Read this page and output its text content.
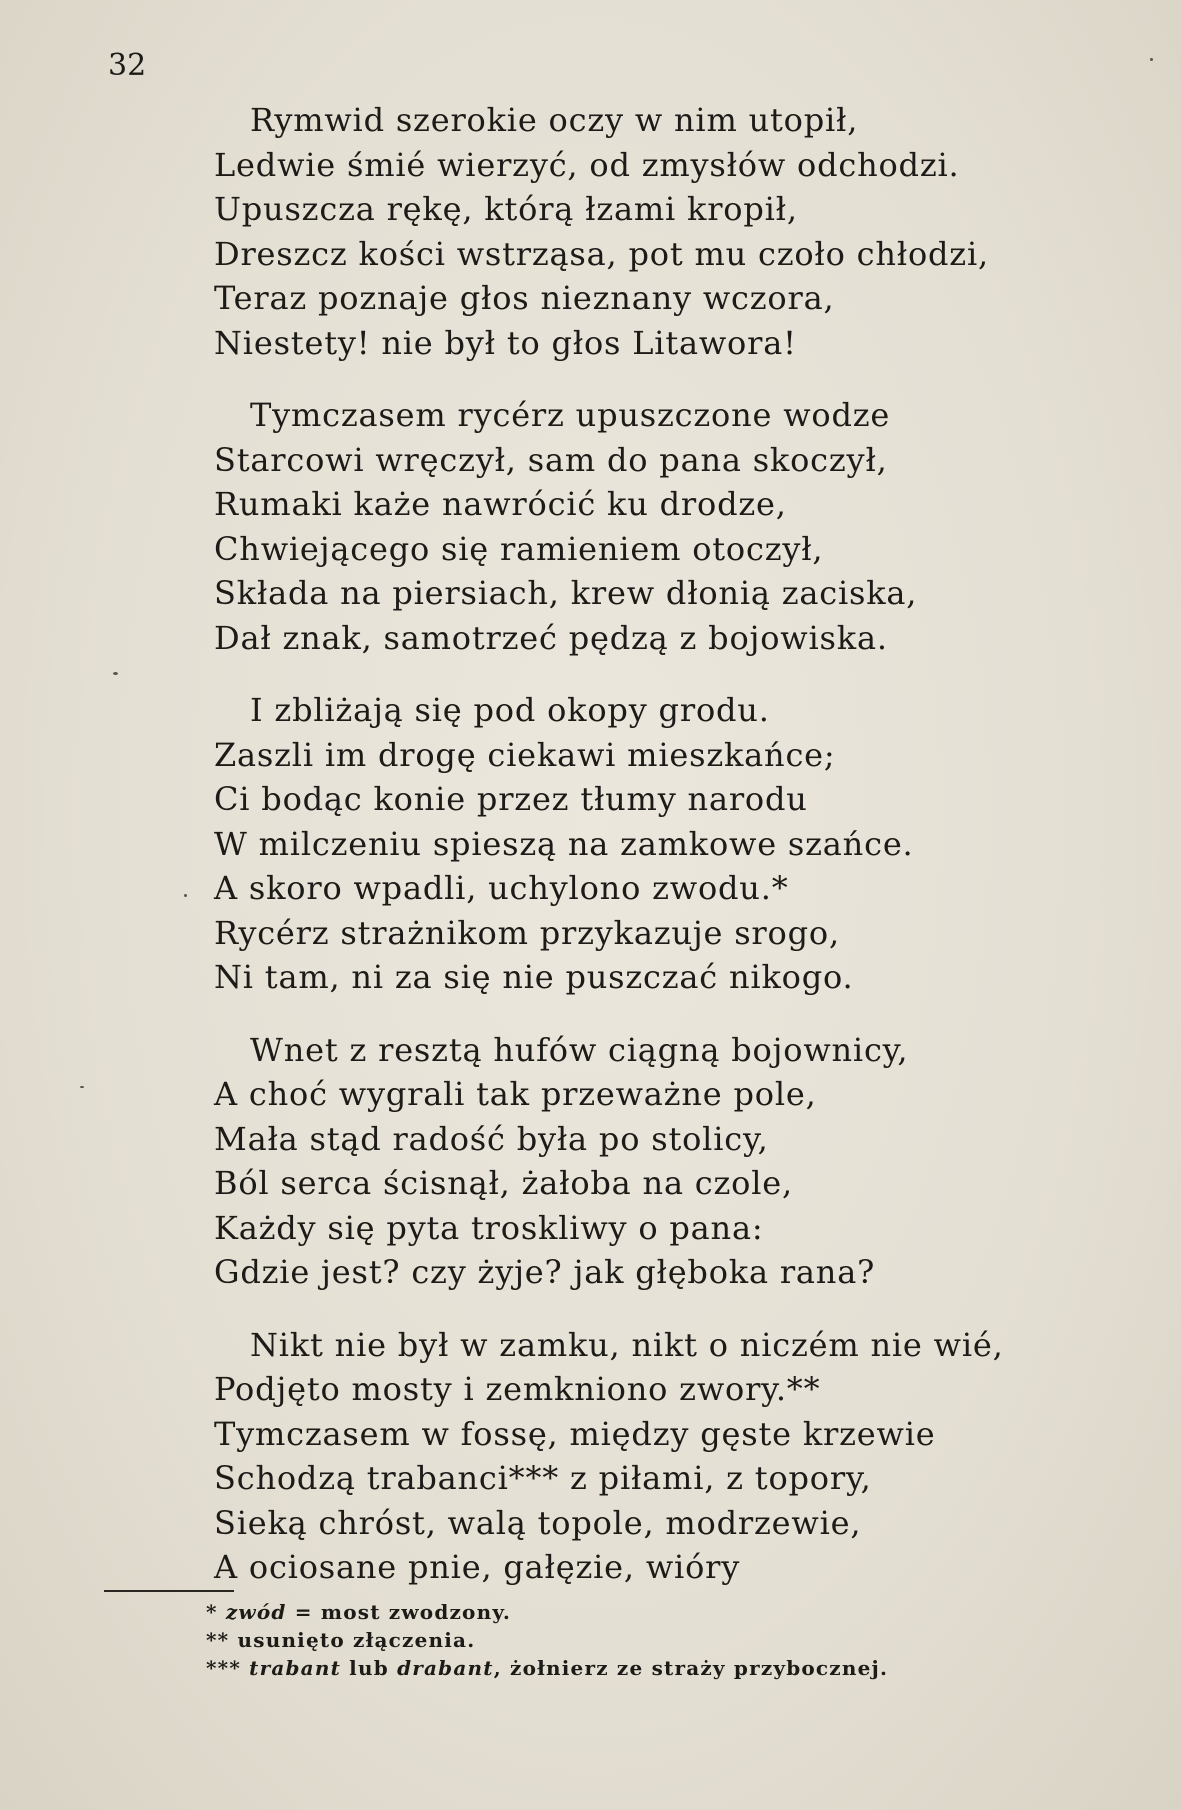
32
Rymwid szerokie oczy w nim utopił,
Ledwie śmié wierzyć, od zmysłów odchodzi.
Upuszcza rękę, którą łzami kropił,
Dreszcz kości wstrząsa, pot mu czoło chłodzi,
Teraz poznaje głos nieznany wczora,
Niestety! nie był to głos Litawora!
Tymczasem rycérz upuszczone wodze
Starcowi wręczył, sam do pana skoczył,
Rumaki każe nawrócić ku drodze,
Chwiejącego się ramieniem otoczył,
Składa na piersiach, krew dłonią zaciska,
Dał znak, samotrzeć pędzą z bojowiska.
I zbliżają się pod okopy grodu.
Zaszli im drogę ciekawi mieszkańce;
Ci bodąc konie przez tłumy narodu
W milczeniu spieszą na zamkowe szańce.
A skoro wpadli, uchylono zwodu.*
Rycérz strażnikom przykazuje srogo,
Ni tam, ni za się nie puszczać nikogo.
Wnet z resztą hufów ciągną bojownicy,
A choć wygrali tak przeważne pole,
Mała stąd radość była po stolicy,
Ból serca ścisnął, żałoba na czole,
Każdy się pyta troskliwy o pana:
Gdzie jest? czy żyje? jak głęboka rana?
Nikt nie był w zamku, nikt o niczém nie wié,
Podjęto mosty i zemkniono zwory.**
Tymczasem w fossę, między gęste krzewie
Schodzą trabanci*** z piłami, z topory,
Sieką chróst, walą topole, modrzewie,
A ociosane pnie, gałęzie, wióry
* zwód = most zwodzony.
** usunięto złączenia.
*** trabant lub drabant, żołnierz ze straży przybocznej.
